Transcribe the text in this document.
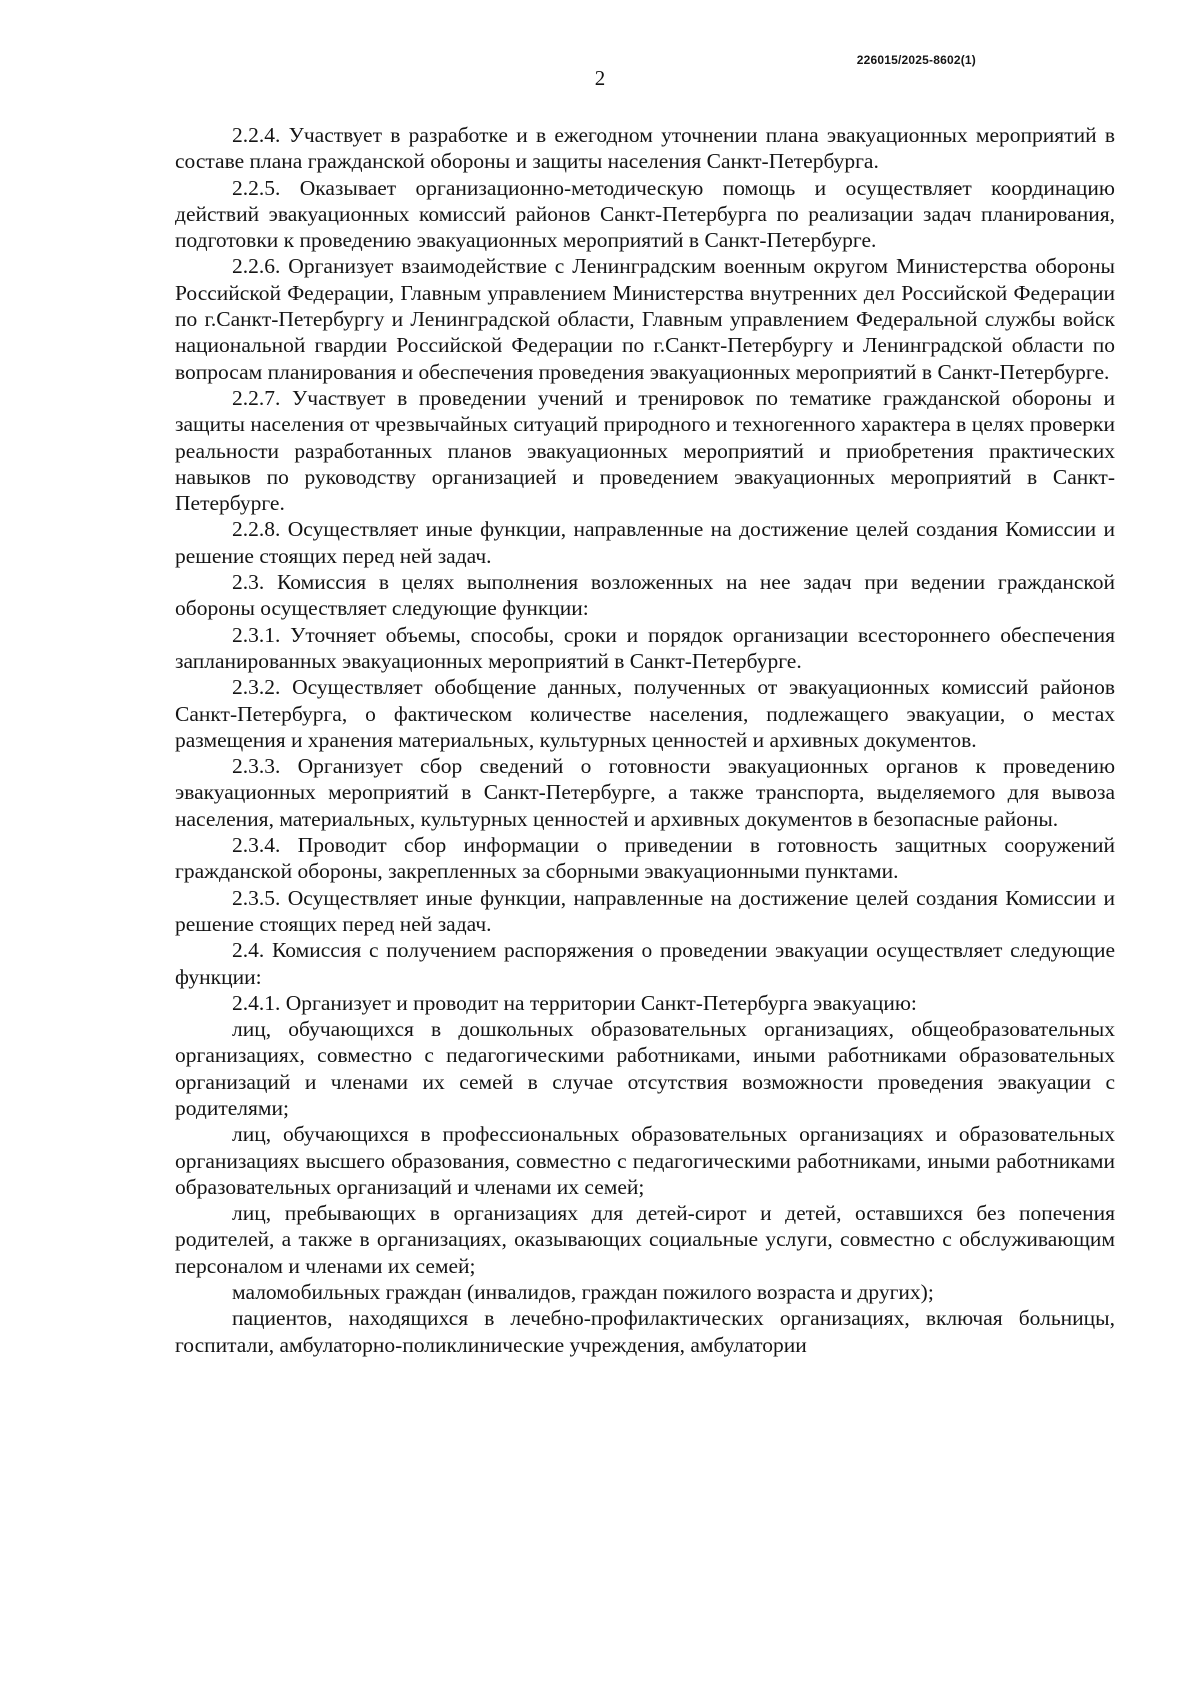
226015/2025-8602(1)
2

2.2.4. Участвует в разработке и в ежегодном уточнении плана эвакуационных мероприятий в составе плана гражданской обороны и защиты населения Санкт-Петербурга.

2.2.5. Оказывает организационно-методическую помощь и осуществляет координацию действий эвакуационных комиссий районов Санкт-Петербурга по реализации задач планирования, подготовки к проведению эвакуационных мероприятий в Санкт-Петербурге.

2.2.6. Организует взаимодействие с Ленинградским военным округом Министерства обороны Российской Федерации, Главным управлением Министерства внутренних дел Российской Федерации по г.Санкт-Петербургу и Ленинградской области, Главным управлением Федеральной службы войск национальной гвардии Российской Федерации по г.Санкт-Петербургу и Ленинградской области по вопросам планирования и обеспечения проведения эвакуационных мероприятий в Санкт-Петербурге.

2.2.7. Участвует в проведении учений и тренировок по тематике гражданской обороны и защиты населения от чрезвычайных ситуаций природного и техногенного характера в целях проверки реальности разработанных планов эвакуационных мероприятий и приобретения практических навыков по руководству организацией и проведением эвакуационных мероприятий в Санкт-Петербурге.

2.2.8. Осуществляет иные функции, направленные на достижение целей создания Комиссии и решение стоящих перед ней задач.

2.3. Комиссия в целях выполнения возложенных на нее задач при ведении гражданской обороны осуществляет следующие функции:

2.3.1. Уточняет объемы, способы, сроки и порядок организации всестороннего обеспечения запланированных эвакуационных мероприятий в Санкт-Петербурге.

2.3.2. Осуществляет обобщение данных, полученных от эвакуационных комиссий районов Санкт-Петербурга, о фактическом количестве населения, подлежащего эвакуации, о местах размещения и хранения материальных, культурных ценностей и архивных документов.

2.3.3. Организует сбор сведений о готовности эвакуационных органов к проведению эвакуационных мероприятий в Санкт-Петербурге, а также транспорта, выделяемого для вывоза населения, материальных, культурных ценностей и архивных документов в безопасные районы.

2.3.4. Проводит сбор информации о приведении в готовность защитных сооружений гражданской обороны, закрепленных за сборными эвакуационными пунктами.

2.3.5. Осуществляет иные функции, направленные на достижение целей создания Комиссии и решение стоящих перед ней задач.

2.4. Комиссия с получением распоряжения о проведении эвакуации осуществляет следующие функции:

2.4.1. Организует и проводит на территории Санкт-Петербурга эвакуацию:

лиц, обучающихся в дошкольных образовательных организациях, общеобразовательных организациях, совместно с педагогическими работниками, иными работниками образовательных организаций и членами их семей в случае отсутствия возможности проведения эвакуации с родителями;

лиц, обучающихся в профессиональных образовательных организациях и образовательных организациях высшего образования, совместно с педагогическими работниками, иными работниками образовательных организаций и членами их семей;

лиц, пребывающих в организациях для детей-сирот и детей, оставшихся без попечения родителей, а также в организациях, оказывающих социальные услуги, совместно с обслуживающим персоналом и членами их семей;

маломобильных граждан (инвалидов, граждан пожилого возраста и других);

пациентов, находящихся в лечебно-профилактических организациях, включая больницы, госпитали, амбулаторно-поликлинические учреждения, амбулатории
